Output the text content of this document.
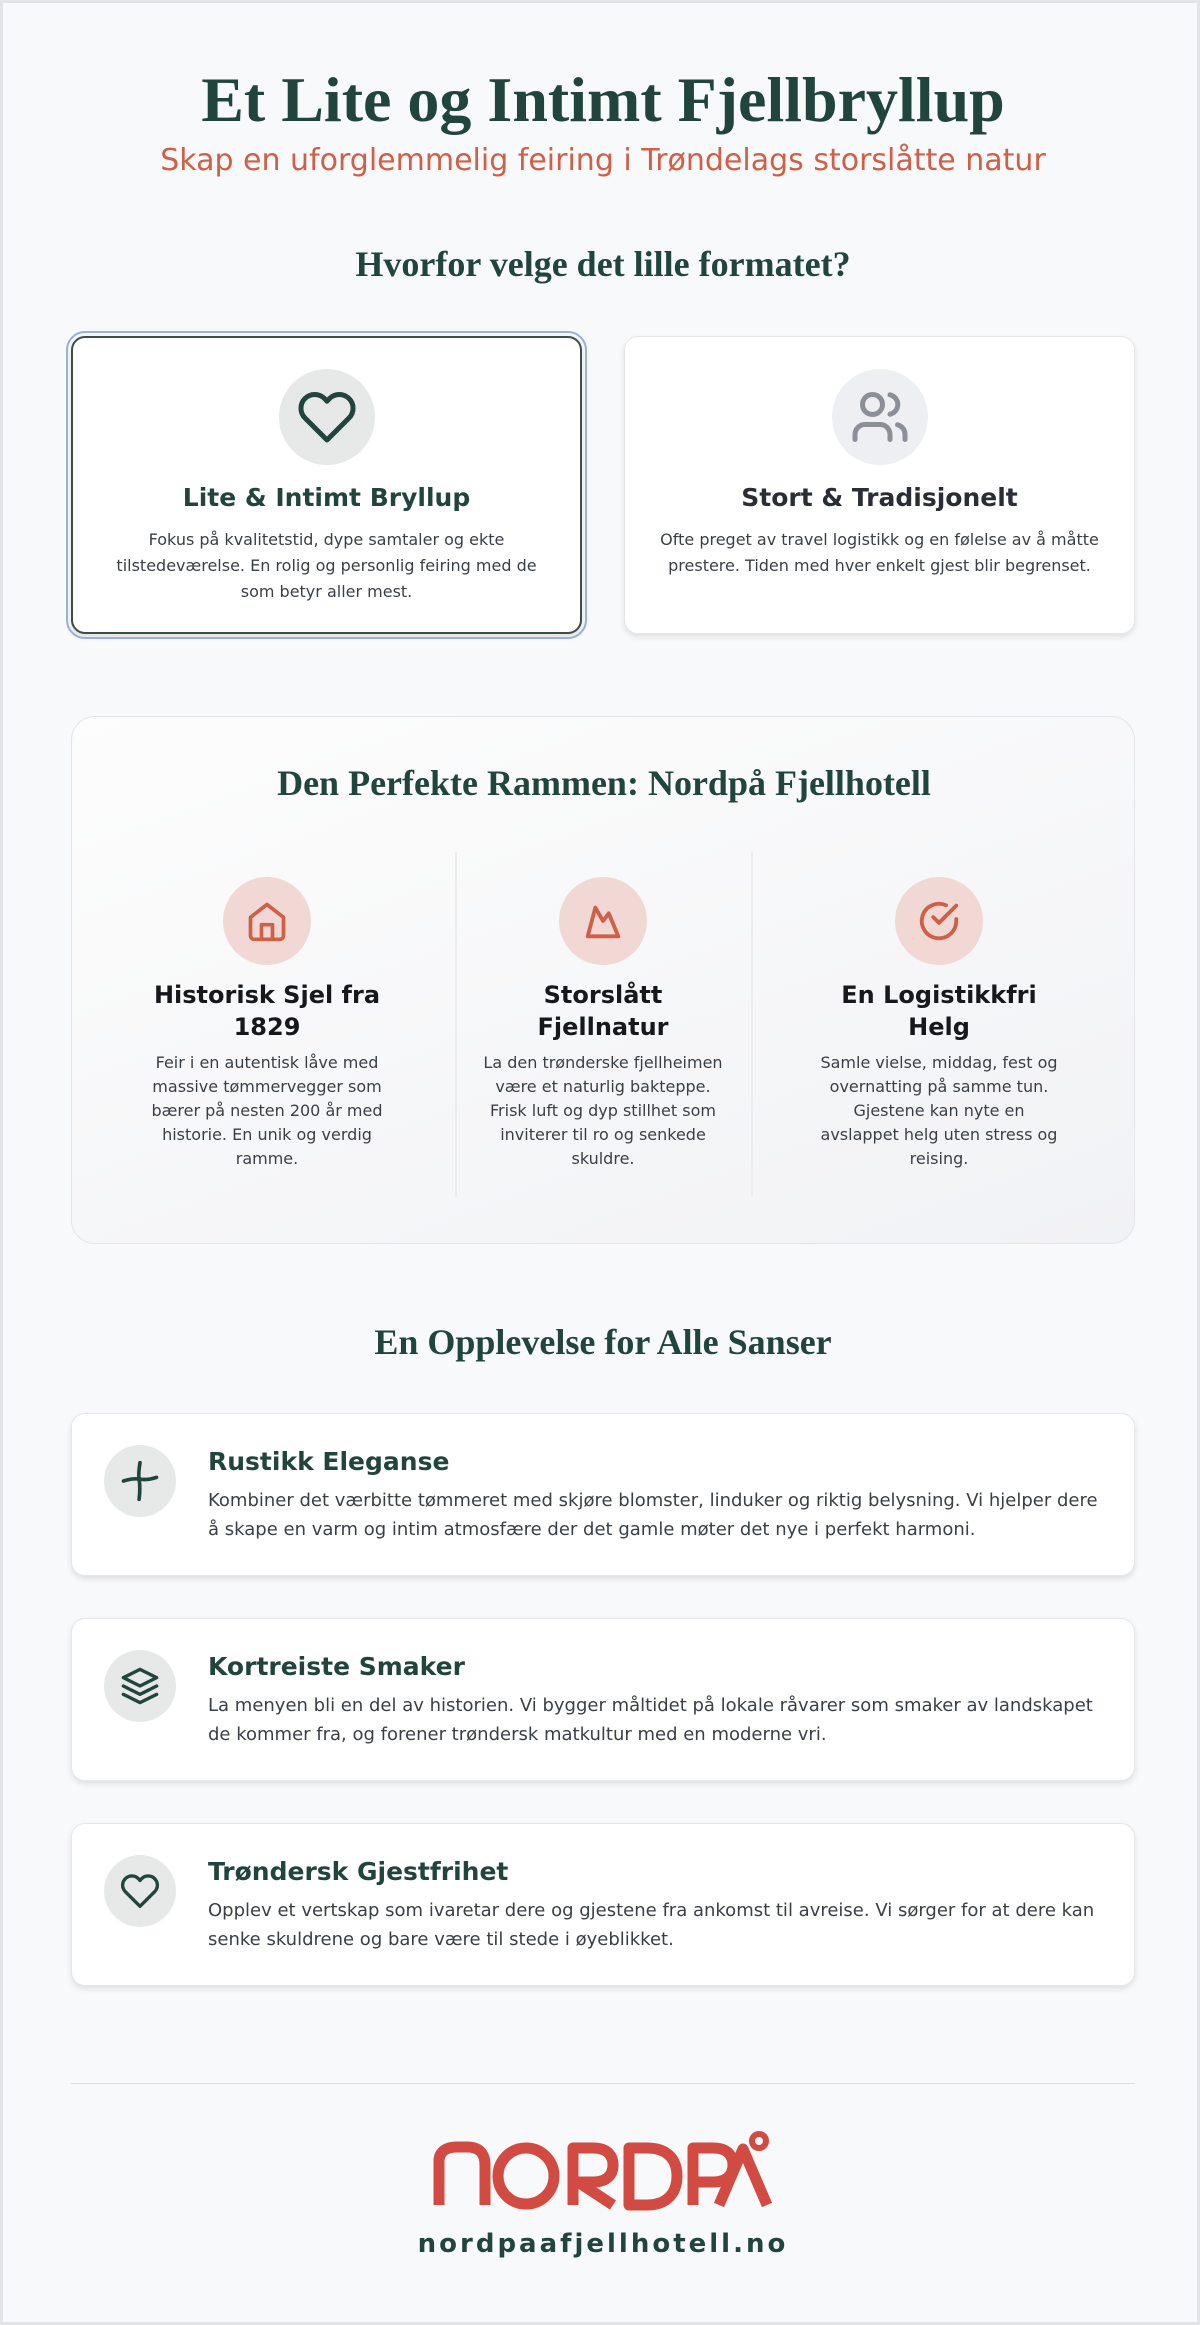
Et Lite og Intimt Fjellbryllup
Skap en uforglemmelig feiring i Trøndelags storslåtte natur
Hvorfor velge det lille formatet?
Lite & Intimt Bryllup
Fokus på kvalitetstid, dype samtaler og ekte
tilstedeværelse. En rolig og personlig feiring med de
som betyr aller mest.
Stort & Tradisjonelt
Ofte preget av travel logistikk og en følelse av å måtte
prestere. Tiden med hver enkelt gjest blir begrenset.
Den Perfekte Rammen: Nordpå Fjellhotell
Historisk Sjel fra
1829
Feir i en autentisk låve med
massive tømmervegger som
bærer på nesten 200 år med
historie. En unik og verdig
ramme.
Storslått
Fjellnatur
La den trønderske fjellheimen
være et naturlig bakteppe.
Frisk luft og dyp stillhet som
inviterer til ro og senkede
skuldre.
En Logistikkfri
Helg
Samle vielse, middag, fest og
overnatting på samme tun.
Gjestene kan nyte en
avslappet helg uten stress og
reising.
En Opplevelse for Alle Sanser
Rustikk Eleganse
Kombiner det værbitte tømmeret med skjøre blomster, linduker og riktig belysning. Vi hjelper dere
å skape en varm og intim atmosfære der det gamle møter det nye i perfekt harmoni.
Kortreiste Smaker
La menyen bli en del av historien. Vi bygger måltidet på lokale råvarer som smaker av landskapet
de kommer fra, og forener trøndersk matkultur med en moderne vri.
Trøndersk Gjestfrihet
Opplev et vertskap som ivaretar dere og gjestene fra ankomst til avreise. Vi sørger for at dere kan
senke skuldrene og bare være til stede i øyeblikket.
nordpaafjellhotell.no
